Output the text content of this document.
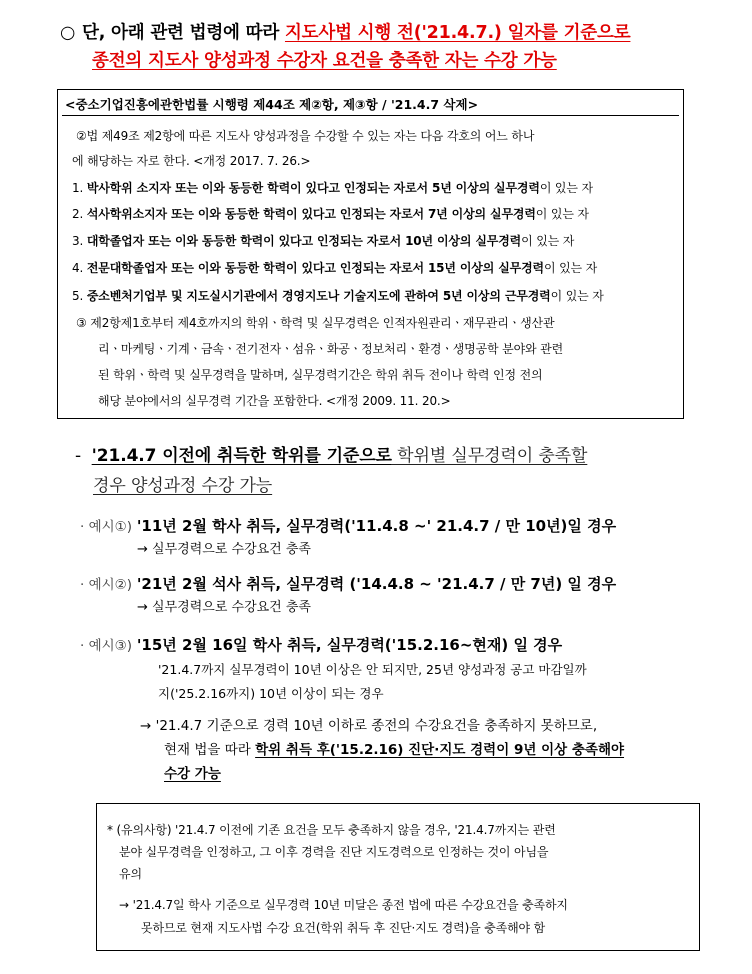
○ 단, 아래 관련 법령에 따라 지도사법 시행 전('21.4.7.) 일자를 기준으로
종전의 지도사 양성과정 수강자 요건을 충족한 자는 수강 가능
<중소기업진흥에관한법률 시행령 제44조 제②항, 제③항 / '21.4.7 삭제>
②법 제49조 제2항에 따른 지도사 양성과정을 수강할 수 있는 자는 다음 각호의 어느 하나
에 해당하는 자로 한다. <개정 2017. 7. 26.>
1. 박사학위 소지자 또는 이와 동등한 학력이 있다고 인정되는 자로서 5년 이상의 실무경력이 있는 자
2. 석사학위소지자 또는 이와 동등한 학력이 있다고 인정되는 자로서 7년 이상의 실무경력이 있는 자
3. 대학졸업자 또는 이와 동등한 학력이 있다고 인정되는 자로서 10년 이상의 실무경력이 있는 자
4. 전문대학졸업자 또는 이와 동등한 학력이 있다고 인정되는 자로서 15년 이상의 실무경력이 있는 자
5. 중소벤처기업부 및 지도실시기관에서 경영지도나 기술지도에 관하여 5년 이상의 근무경력이 있는 자
③ 제2항제1호부터 제4호까지의 학위ㆍ학력 및 실무경력은 인적자원관리ㆍ재무관리ㆍ생산관
리ㆍ마케팅ㆍ기계ㆍ금속ㆍ전기전자ㆍ섬유ㆍ화공ㆍ정보처리ㆍ환경ㆍ생명공학 분야와 관련
된 학위ㆍ학력 및 실무경력을 말하며, 실무경력기간은 학위 취득 전이나 학력 인정 전의
해당 분야에서의 실무경력 기간을 포함한다. <개정 2009. 11. 20.>
- '21.4.7 이전에 취득한 학위를 기준으로 학위별 실무경력이 충족할
경우 양성과정 수강 가능
· 예시①) '11년 2월 학사 취득, 실무경력('11.4.8 ~' 21.4.7 / 만 10년)일 경우
→ 실무경력으로 수강요건 충족
· 예시②) '21년 2월 석사 취득, 실무경력 ('14.4.8 ~ '21.4.7 / 만 7년) 일 경우
→ 실무경력으로 수강요건 충족
· 예시③) '15년 2월 16일 학사 취득, 실무경력('15.2.16~현재) 일 경우
'21.4.7까지 실무경력이 10년 이상은 안 되지만, 25년 양성과정 공고 마감일까
지('25.2.16까지) 10년 이상이 되는 경우
→ '21.4.7 기준으로 경력 10년 이하로 종전의 수강요건을 충족하지 못하므로,
현재 법을 따라 학위 취득 후('15.2.16) 진단·지도 경력이 9년 이상 충족해야
수강 가능
* (유의사항) '21.4.7 이전에 기존 요건을 모두 충족하지 않을 경우, '21.4.7까지는 관련
분야 실무경력을 인정하고, 그 이후 경력을 진단 지도경력으로 인정하는 것이 아님을
유의
→ '21.4.7일 학사 기준으로 실무경력 10년 미달은 종전 법에 따른 수강요건을 충족하지
못하므로 현재 지도사법 수강 요건(학위 취득 후 진단·지도 경력)을 충족해야 함
